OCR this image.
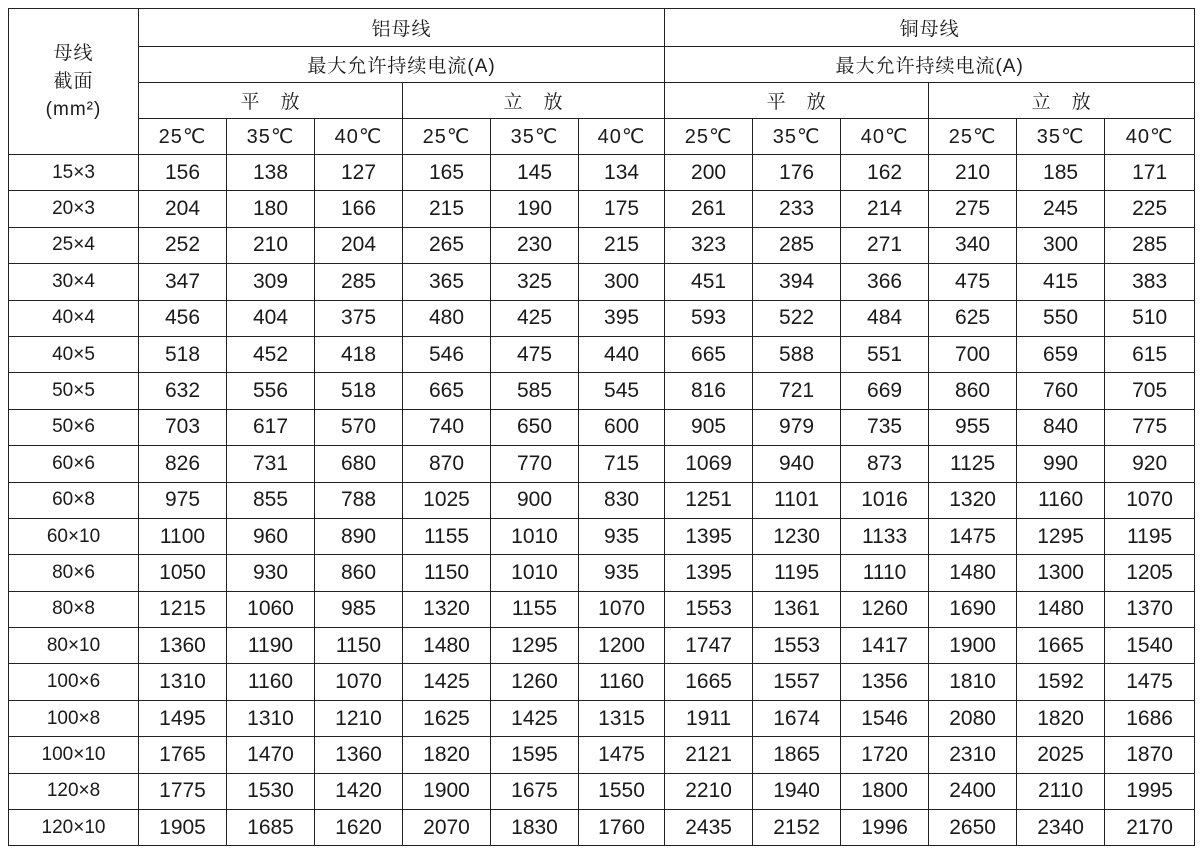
母线
截面
(mm²)	铝母线						铜母线					
	最大允许持续电流(A)						最大允许持续电流(A)					
	平　放			立　放			平　放			立　放		
	25℃	35℃	40℃	25℃	35℃	40℃	25℃	35℃	40℃	25℃	35℃	40℃
15×3	156	138	127	165	145	134	200	176	162	210	185	171
20×3	204	180	166	215	190	175	261	233	214	275	245	225
25×4	252	210	204	265	230	215	323	285	271	340	300	285
30×4	347	309	285	365	325	300	451	394	366	475	415	383
40×4	456	404	375	480	425	395	593	522	484	625	550	510
40×5	518	452	418	546	475	440	665	588	551	700	659	615
50×5	632	556	518	665	585	545	816	721	669	860	760	705
50×6	703	617	570	740	650	600	905	979	735	955	840	775
60×6	826	731	680	870	770	715	1069	940	873	1125	990	920
60×8	975	855	788	1025	900	830	1251	1101	1016	1320	1160	1070
60×10	1100	960	890	1155	1010	935	1395	1230	1133	1475	1295	1195
80×6	1050	930	860	1150	1010	935	1395	1195	1110	1480	1300	1205
80×8	1215	1060	985	1320	1155	1070	1553	1361	1260	1690	1480	1370
80×10	1360	1190	1150	1480	1295	1200	1747	1553	1417	1900	1665	1540
100×6	1310	1160	1070	1425	1260	1160	1665	1557	1356	1810	1592	1475
100×8	1495	1310	1210	1625	1425	1315	1911	1674	1546	2080	1820	1686
100×10	1765	1470	1360	1820	1595	1475	2121	1865	1720	2310	2025	1870
120×8	1775	1530	1420	1900	1675	1550	2210	1940	1800	2400	2110	1995
120×10	1905	1685	1620	2070	1830	1760	2435	2152	1996	2650	2340	2170
